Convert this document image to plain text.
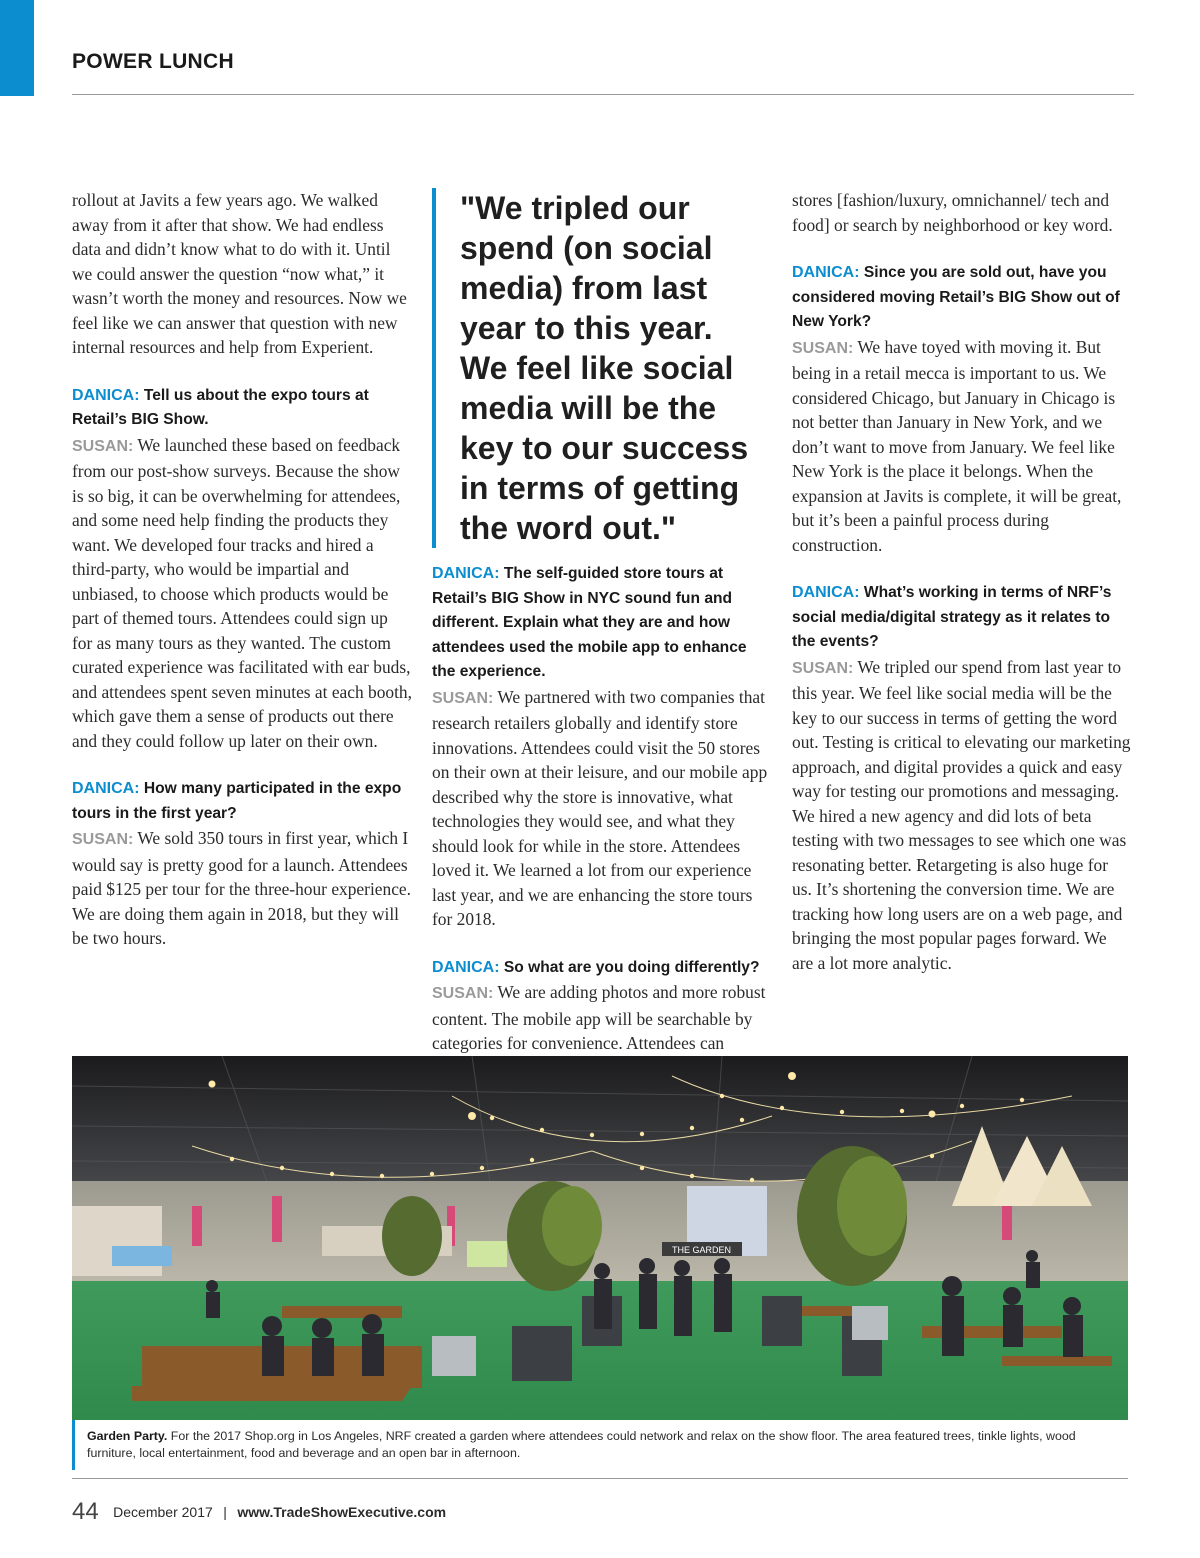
POWER LUNCH

rollout at Javits a few years ago. We walked away from it after that show. We had endless data and didn’t know what to do with it. Until we could answer the question “now what,” it wasn’t worth the money and resources. Now we feel like we can answer that question with new internal resources and help from Experient.

DANICA: Tell us about the expo tours at Retail’s BIG Show.

SUSAN: We launched these based on feedback from our post-show surveys. Because the show is so big, it can be overwhelming for attendees, and some need help finding the products they want. We developed four tracks and hired a third-party, who would be impartial and unbiased, to choose which products would be part of themed tours. Attendees could sign up for as many tours as they wanted. The custom curated experience was facilitated with ear buds, and attendees spent seven minutes at each booth, which gave them a sense of products out there and they could follow up later on their own.

DANICA: How many participated in the expo tours in the first year?

SUSAN: We sold 350 tours in first year, which I would say is pretty good for a launch. Attendees paid $125 per tour for the three-hour experience. We are doing them again in 2018, but they will be two hours.

"We tripled our spend (on social media) from last year to this year. We feel like social media will be the key to our success in terms of getting the word out."

DANICA: The self-guided store tours at Retail’s BIG Show in NYC sound fun and different. Explain what they are and how attendees used the mobile app to enhance the experience.

SUSAN: We partnered with two companies that research retailers globally and identify store innovations. Attendees could visit the 50 stores on their own at their leisure, and our mobile app described why the store is innovative, what technologies they would see, and what they should look for while in the store. Attendees loved it. We learned a lot from our experience last year, and we are enhancing the store tours for 2018.

DANICA: So what are you doing differently?

SUSAN: We are adding photos and more robust content. The mobile app will be searchable by categories for convenience. Attendees can

stores [fashion/luxury, omnichannel/ tech and food] or search by neighborhood or key word.

DANICA: Since you are sold out, have you considered moving Retail’s BIG Show out of New York?

SUSAN: We have toyed with moving it. But being in a retail mecca is important to us. We considered Chicago, but January in Chicago is not better than January in New York, and we don’t want to move from January. We feel like New York is the place it belongs. When the expansion at Javits is complete, it will be great, but it’s been a painful process during construction.

DANICA: What’s working in terms of NRF’s social media/digital strategy as it relates to the events?

SUSAN: We tripled our spend from last year to this year. We feel like social media will be the key to our success in terms of getting the word out. Testing is critical to elevating our marketing approach, and digital provides a quick and easy way for testing our promotions and messaging. We hired a new agency and did lots of beta testing with two messages to see which one was resonating better. Retargeting is also huge for us. It’s shortening the conversion time. We are tracking how long users are on a web page, and bringing the most popular pages forward. We are a lot more analytic.

THE GARDEN
Garden Party. For the 2017 Shop.org in Los Angeles, NRF created a garden where attendees could network and relax on the show floor. The area featured trees, tinkle lights, wood furniture, local entertainment, food and beverage and an open bar in afternoon.
44 December 2017 | www.TradeShowExecutive.com
